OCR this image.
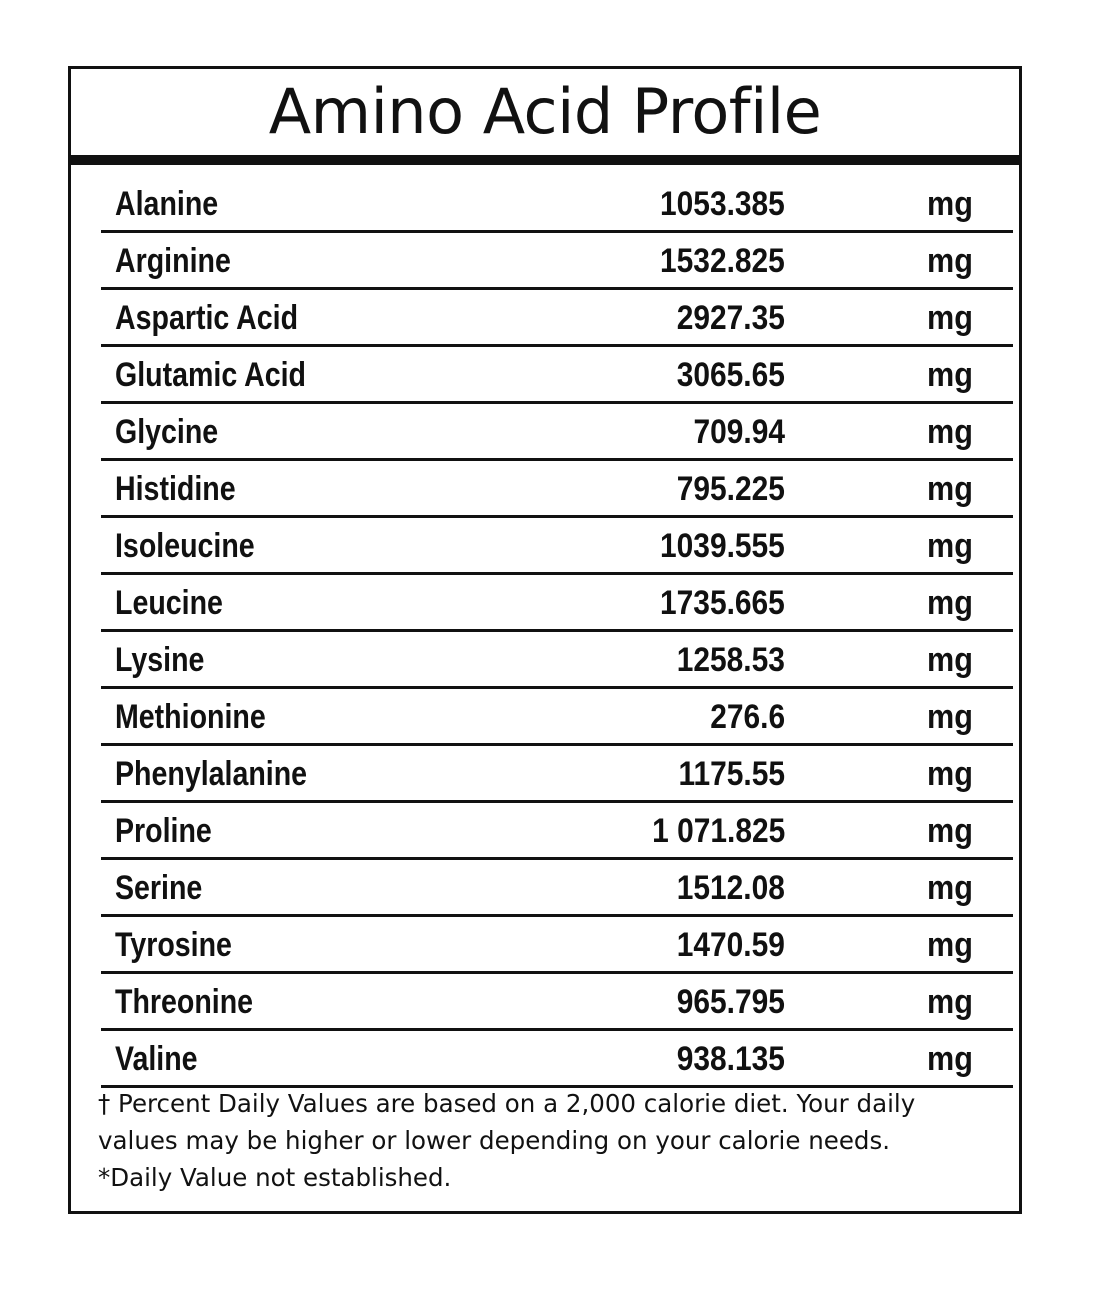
Amino Acid Profile
Alanine	1053.385	mg
Arginine	1532.825	mg
Aspartic Acid	2927.35	mg
Glutamic Acid	3065.65	mg
Glycine	709.94	mg
Histidine	795.225	mg
Isoleucine	1039.555	mg
Leucine	1735.665	mg
Lysine	1258.53	mg
Methionine	276.6	mg
Phenylalanine	1175.55	mg
Proline	1 071.825	mg
Serine	1512.08	mg
Tyrosine	1470.59	mg
Threonine	965.795	mg
Valine	938.135	mg
† Percent Daily Values are based on a 2,000 calorie diet. Your daily
values may be higher or lower depending on your calorie needs.
*Daily Value not established.
